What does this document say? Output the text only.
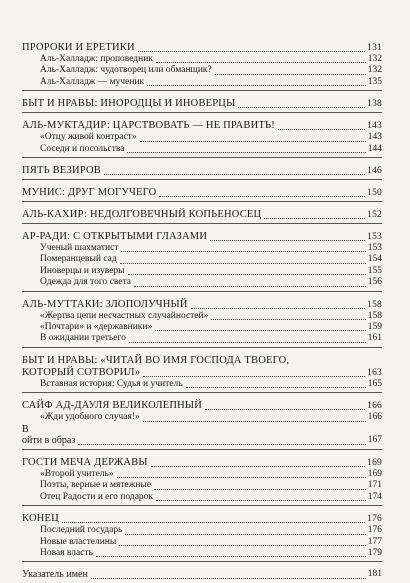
ПРОРОКИ И ЕРЕТИКИ	131
Аль-Халладж: проповедник	132
Аль-Халладж: чудотворец или обманщик?	132
Аль-Халладж — мученик	135
БЫТ И НРАВЫ: ИНОРОДЦЫ И ИНОВЕРЦЫ	138
АЛЬ-МУКТАДИР: ЦАРСТВОВАТЬ — НЕ ПРАВИТЬ!	143
«Отцу живой контраст»	143
Соседи и посольства	144
ПЯТЬ ВЕЗИРОВ	146
МУНИС: ДРУГ МОГУЧЕГО	150
АЛЬ-КАХИР: НЕДОЛГОВЕЧНЫЙ КОПЬЕНОСЕЦ	152
АР-РАДИ: С ОТКРЫТЫМИ ГЛАЗАМИ	153
Ученый шахматист	153
Померанцевый сад	154
Иноверцы и изуверы	155
Одежда для того света	156
АЛЬ-МУТТАКИ: ЗЛОПОЛУЧНЫЙ	158
«Жертва цепи несчастных случайностей»	158
«Почтари» и «державники»	159
В ожидании третьего	161
БЫТ И НРАВЫ: «ЧИТАЙ ВО ИМЯ ГОСПОДА ТВОЕГО,
КОТОРЫЙ СОТВОРИЛ»	163
Вставная история: Судья и учитель	165
САЙФ АД-ДАУЛЯ ВЕЛИКОЛЕПНЫЙ	166
«Жди удобного случая!»	166
В
ойти в образ	167
ГОСТИ МЕЧА ДЕРЖАВЫ	169
«Второй учитель»	169
Поэты, верные и мятежные	171
Отец Радости и его подарок	174
КОНЕЦ	176
Последний государь	176
Новые властелины	177
Новая власть	179
Указатель имен	181
